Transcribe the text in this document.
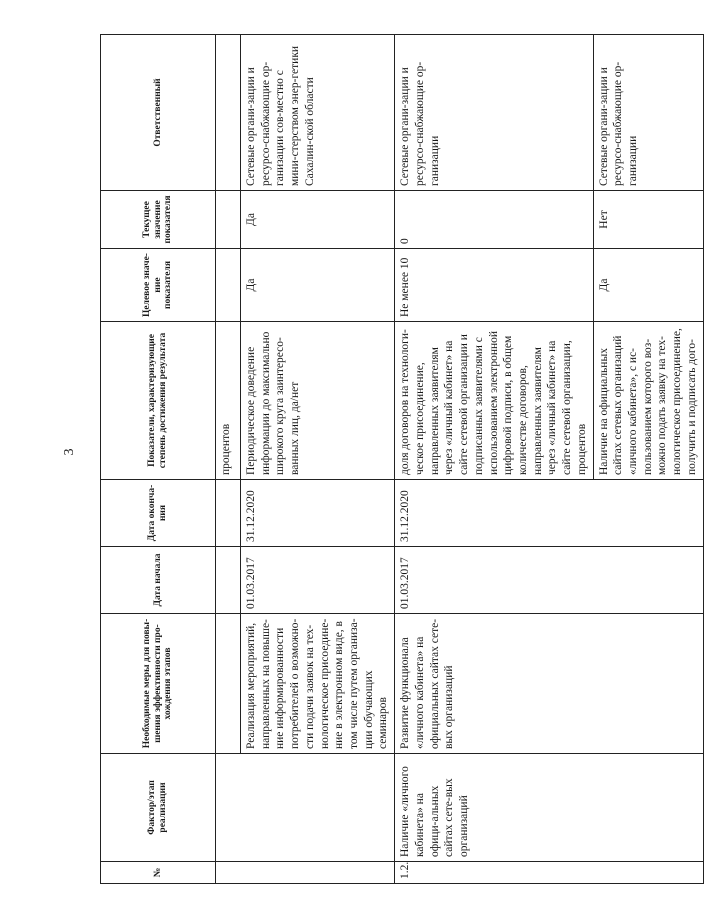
3
№	Фактор/этап реализации	Необходимые меры для повы-шения эффективности про-хождения этапов	Дата начала	Дата оконча-ния	Показатели, характеризующие степень достижения результата	Целевое значе-ние показателя	Текущее значение показателя	Ответственный
					процентов			
		Реализация мероприятий, направленных на повыше-ние информированности потребителей о возможно-сти подачи заявок на тех-нологическое присоедине-ние в электронном виде, в том числе путем организа-ции обучающих семинаров	01.03.2017	31.12.2020	Периодическое доведение информации до максимально широкого круга заинтересо-ванных лиц, да/нет	Да	Да	Сетевые органи-зации и ресурсо-снабжающие ор-ганизации сов-местно с мини-стерством энер-гетики Сахалин-ской области
1.2.	Наличие «личного кабинета» на офици-альных сайтах сете-вых организаций	Развитие функционала «личного кабинета» на официальных сайтах сете-вых организаций	01.03.2017	31.12.2020	доля договоров на технологи-ческое присоединение, направленных заявителям через «личный кабинет» на сайте сетевой организации и подписанных заявителями с использованием электронной цифровой подписи, в общем количестве договоров, направленных заявителям через «личный кабинет» на сайте сетевой организации, процентов	Не менее 10	0	Сетевые органи-зации и ресурсо-снабжающие ор-ганизации
					Наличие на официальных сайтах сетевых организаций «личного кабинета», с ис-пользованием которого воз-можно подать заявку на тех-нологическое присоединение, получить и подписать дого-	Да	Нет	Сетевые органи-зации и ресурсо-снабжающие ор-ганизации
